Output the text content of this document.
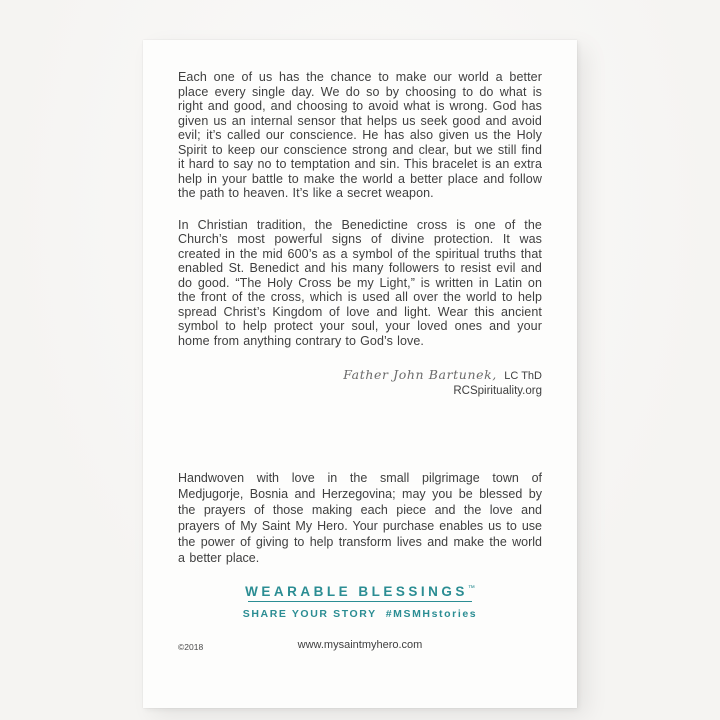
Each one of us has the chance to make our world a better place every single day. We do so by choosing to do what is right and good, and choosing to avoid what is wrong. God has given us an internal sensor that helps us seek good and avoid evil; it’s called our conscience. He has also given us the Holy Spirit to keep our conscience strong and clear, but we still find it hard to say no to temptation and sin. This bracelet is an extra help in your battle to make the world a better place and follow the path to heaven. It’s like a secret weapon.

In Christian tradition, the Benedictine cross is one of the Church’s most powerful signs of divine protection. It was created in the mid 600’s as a symbol of the spiritual truths that enabled St. Benedict and his many followers to resist evil and do good. “The Holy Cross be my Light,” is written in Latin on the front of the cross, which is used all over the world to help spread Christ’s Kingdom of love and light. Wear this ancient symbol to help protect your soul, your loved ones and your home from anything contrary to God’s love.

Father John Bartunek, LC ThD
RCSpirituality.org

Handwoven with love in the small pilgrimage town of Medjugorje, Bosnia and Herzegovina; may you be blessed by the prayers of those making each piece and the love and prayers of My Saint My Hero. Your purchase enables us to use the power of giving to help transform lives and make the world a better place.

WEARABLE BLESSINGS™
SHARE YOUR STORY #MSMHstories
©2018	www.mysaintmyhero.com
